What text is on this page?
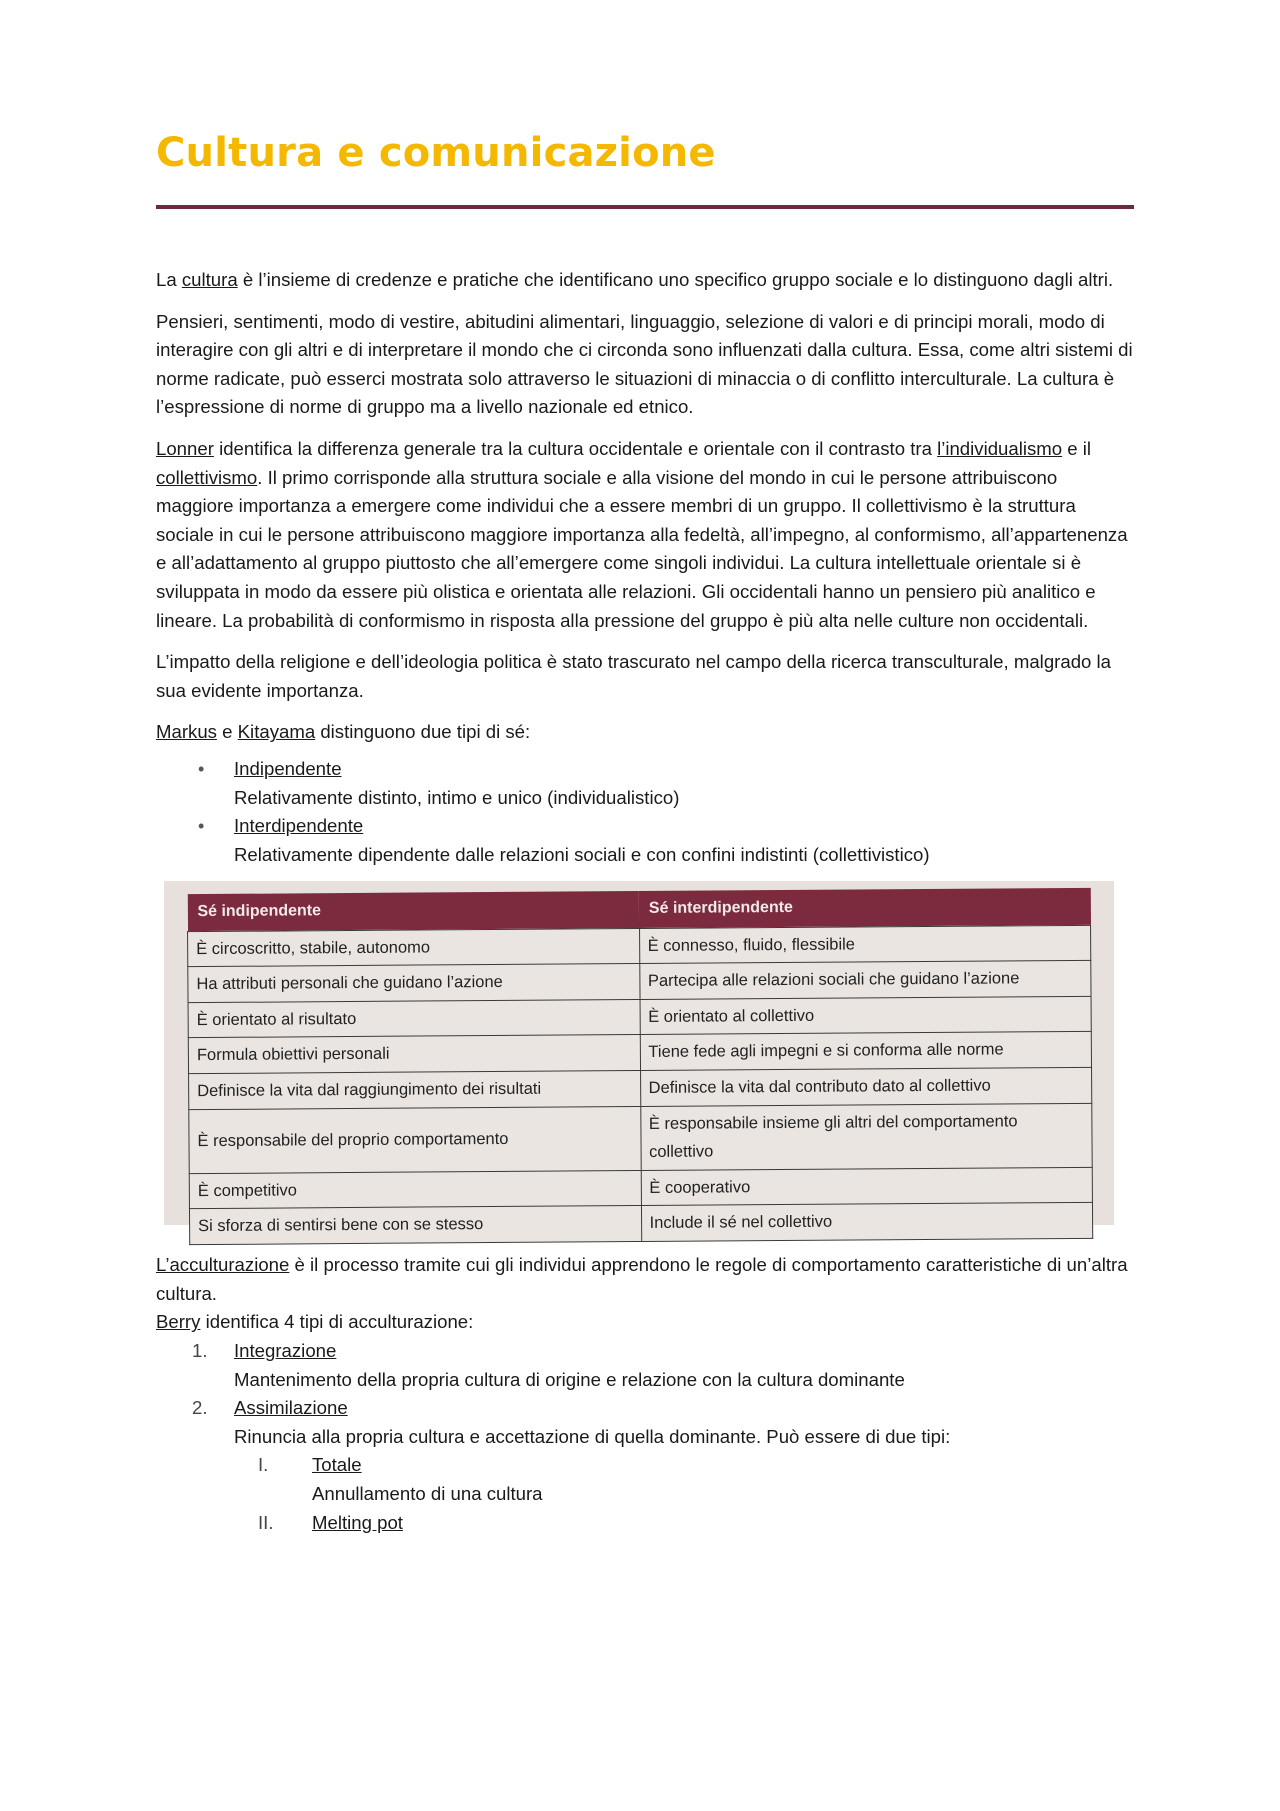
Cultura e comunicazione

La cultura è l’insieme di credenze e pratiche che identificano uno specifico gruppo sociale e lo distinguono dagli altri.

Pensieri, sentimenti, modo di vestire, abitudini alimentari, linguaggio, selezione di valori e di principi morali, modo di interagire con gli altri e di interpretare il mondo che ci circonda sono influenzati dalla cultura. Essa, come altri sistemi di norme radicate, può esserci mostrata solo attraverso le situazioni di minaccia o di conflitto interculturale. La cultura è l’espressione di norme di gruppo ma a livello nazionale ed etnico.

Lonner identifica la differenza generale tra la cultura occidentale e orientale con il contrasto tra l’individualismo e il collettivismo. Il primo corrisponde alla struttura sociale e alla visione del mondo in cui le persone attribuiscono maggiore importanza a emergere come individui che a essere membri di un gruppo. Il collettivismo è la struttura sociale in cui le persone attribuiscono maggiore importanza alla fedeltà, all’impegno, al conformismo, all’appartenenza e all’adattamento al gruppo piuttosto che all’emergere come singoli individui. La cultura intellettuale orientale si è sviluppata in modo da essere più olistica e orientata alle relazioni. Gli occidentali hanno un pensiero più analitico e lineare. La probabilità di conformismo in risposta alla pressione del gruppo è più alta nelle culture non occidentali.

L’impatto della religione e dell’ideologia politica è stato trascurato nel campo della ricerca transculturale, malgrado la sua evidente importanza.

Markus e Kitayama distinguono due tipi di sé:

• Indipendente
Relativamente distinto, intimo e unico (individualistico)
• Interdipendente
Relativamente dipendente dalle relazioni sociali e con confini indistinti (collettivistico)
Sé indipendente	Sé interdipendente
È circoscritto, stabile, autonomo	È connesso, fluido, flessibile
Ha attributi personali che guidano l’azione	Partecipa alle relazioni sociali che guidano l’azione
È orientato al risultato	È orientato al collettivo
Formula obiettivi personali	Tiene fede agli impegni e si conforma alle norme
Definisce la vita dal raggiungimento dei risultati	Definisce la vita dal contributo dato al collettivo
È responsabile del proprio comportamento	È responsabile insieme gli altri del comportamento collettivo
È competitivo	È cooperativo
Si sforza di sentirsi bene con se stesso	Include il sé nel collettivo
L’acculturazione è il processo tramite cui gli individui apprendono le regole di comportamento caratteristiche di un’altra cultura.
Berry identifica 4 tipi di acculturazione:
1. Integrazione
Mantenimento della propria cultura di origine e relazione con la cultura dominante
2. Assimilazione
Rinuncia alla propria cultura e accettazione di quella dominante. Può essere di due tipi:
I. Totale
Annullamento di una cultura
II. Melting pot
